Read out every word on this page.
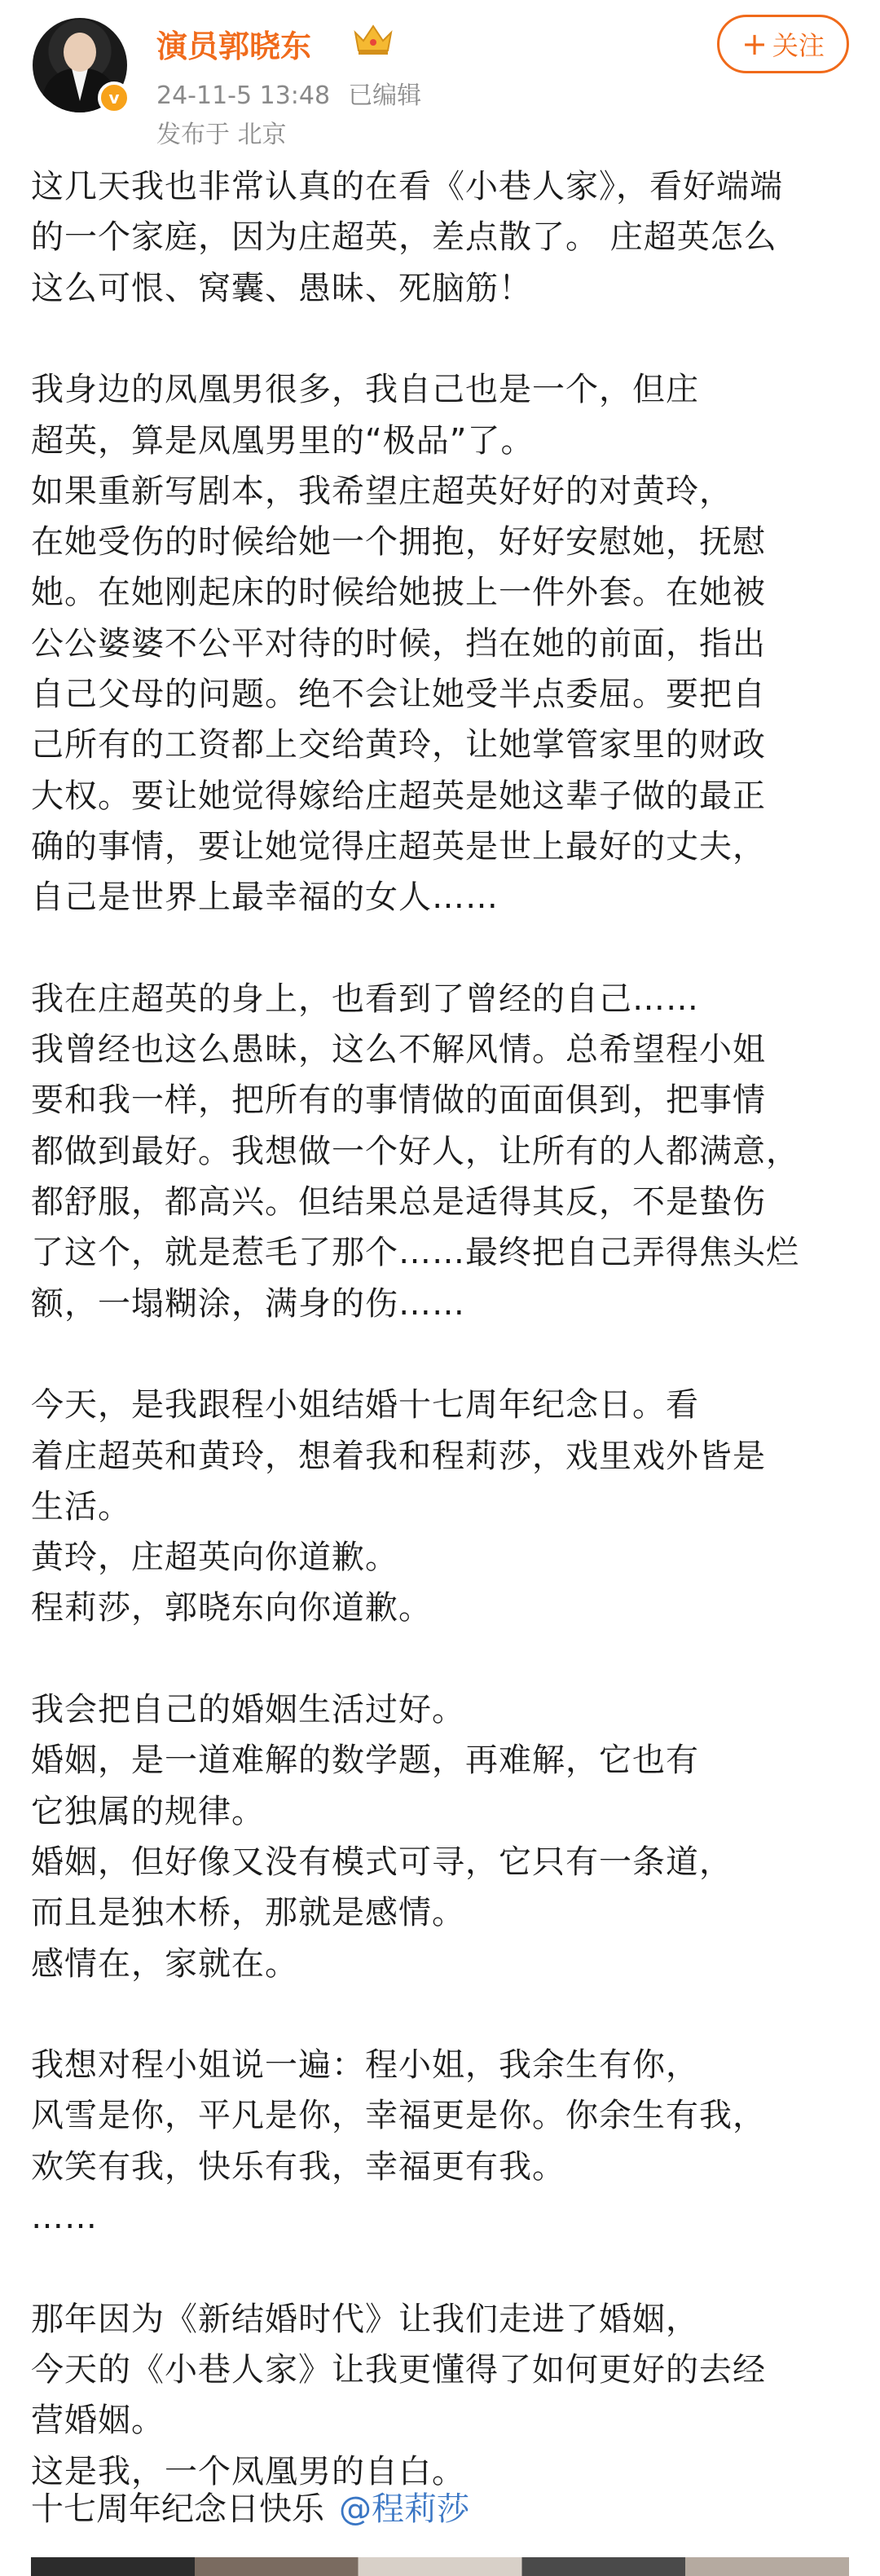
v
演员郭晓东
24-11-5 13:48 已编辑
发布于 北京
+ 关注
这几天我也非常认真的在看《小巷人家》，看好端端
的一个家庭，因为庄超英，差点散了。 庄超英怎么
这么可恨、窝囊、愚昧、死脑筋！
我身边的凤凰男很多，我自己也是一个，但庄
超英，算是凤凰男里的“极品”了。
如果重新写剧本，我希望庄超英好好的对黄玲，
在她受伤的时候给她一个拥抱，好好安慰她，抚慰
她。在她刚起床的时候给她披上一件外套。在她被
公公婆婆不公平对待的时候，挡在她的前面，指出
自己父母的问题。绝不会让她受半点委屈。要把自
己所有的工资都上交给黄玲，让她掌管家里的财政
大权。要让她觉得嫁给庄超英是她这辈子做的最正
确的事情，要让她觉得庄超英是世上最好的丈夫，
自己是世界上最幸福的女人……
我在庄超英的身上，也看到了曾经的自己……
我曾经也这么愚昧，这么不解风情。总希望程小姐
要和我一样，把所有的事情做的面面俱到，把事情
都做到最好。我想做一个好人，让所有的人都满意，
都舒服，都高兴。但结果总是适得其反，不是蛰伤
了这个，就是惹毛了那个……最终把自己弄得焦头烂
额，一塌糊涂，满身的伤……
今天，是我跟程小姐结婚十七周年纪念日。看
着庄超英和黄玲，想着我和程莉莎，戏里戏外皆是
生活。
黄玲，庄超英向你道歉。
程莉莎，郭晓东向你道歉。
我会把自己的婚姻生活过好。
婚姻，是一道难解的数学题，再难解，它也有
它独属的规律。
婚姻，但好像又没有模式可寻，它只有一条道，
而且是独木桥，那就是感情。
感情在，家就在。
我想对程小姐说一遍：程小姐，我余生有你，
风雪是你，平凡是你，幸福更是你。你余生有我，
欢笑有我，快乐有我，幸福更有我。
……
那年因为《新结婚时代》让我们走进了婚姻，
今天的《小巷人家》让我更懂得了如何更好的去经
营婚姻。
这是我，一个凤凰男的自白。
十七周年纪念日快乐 @程莉莎
